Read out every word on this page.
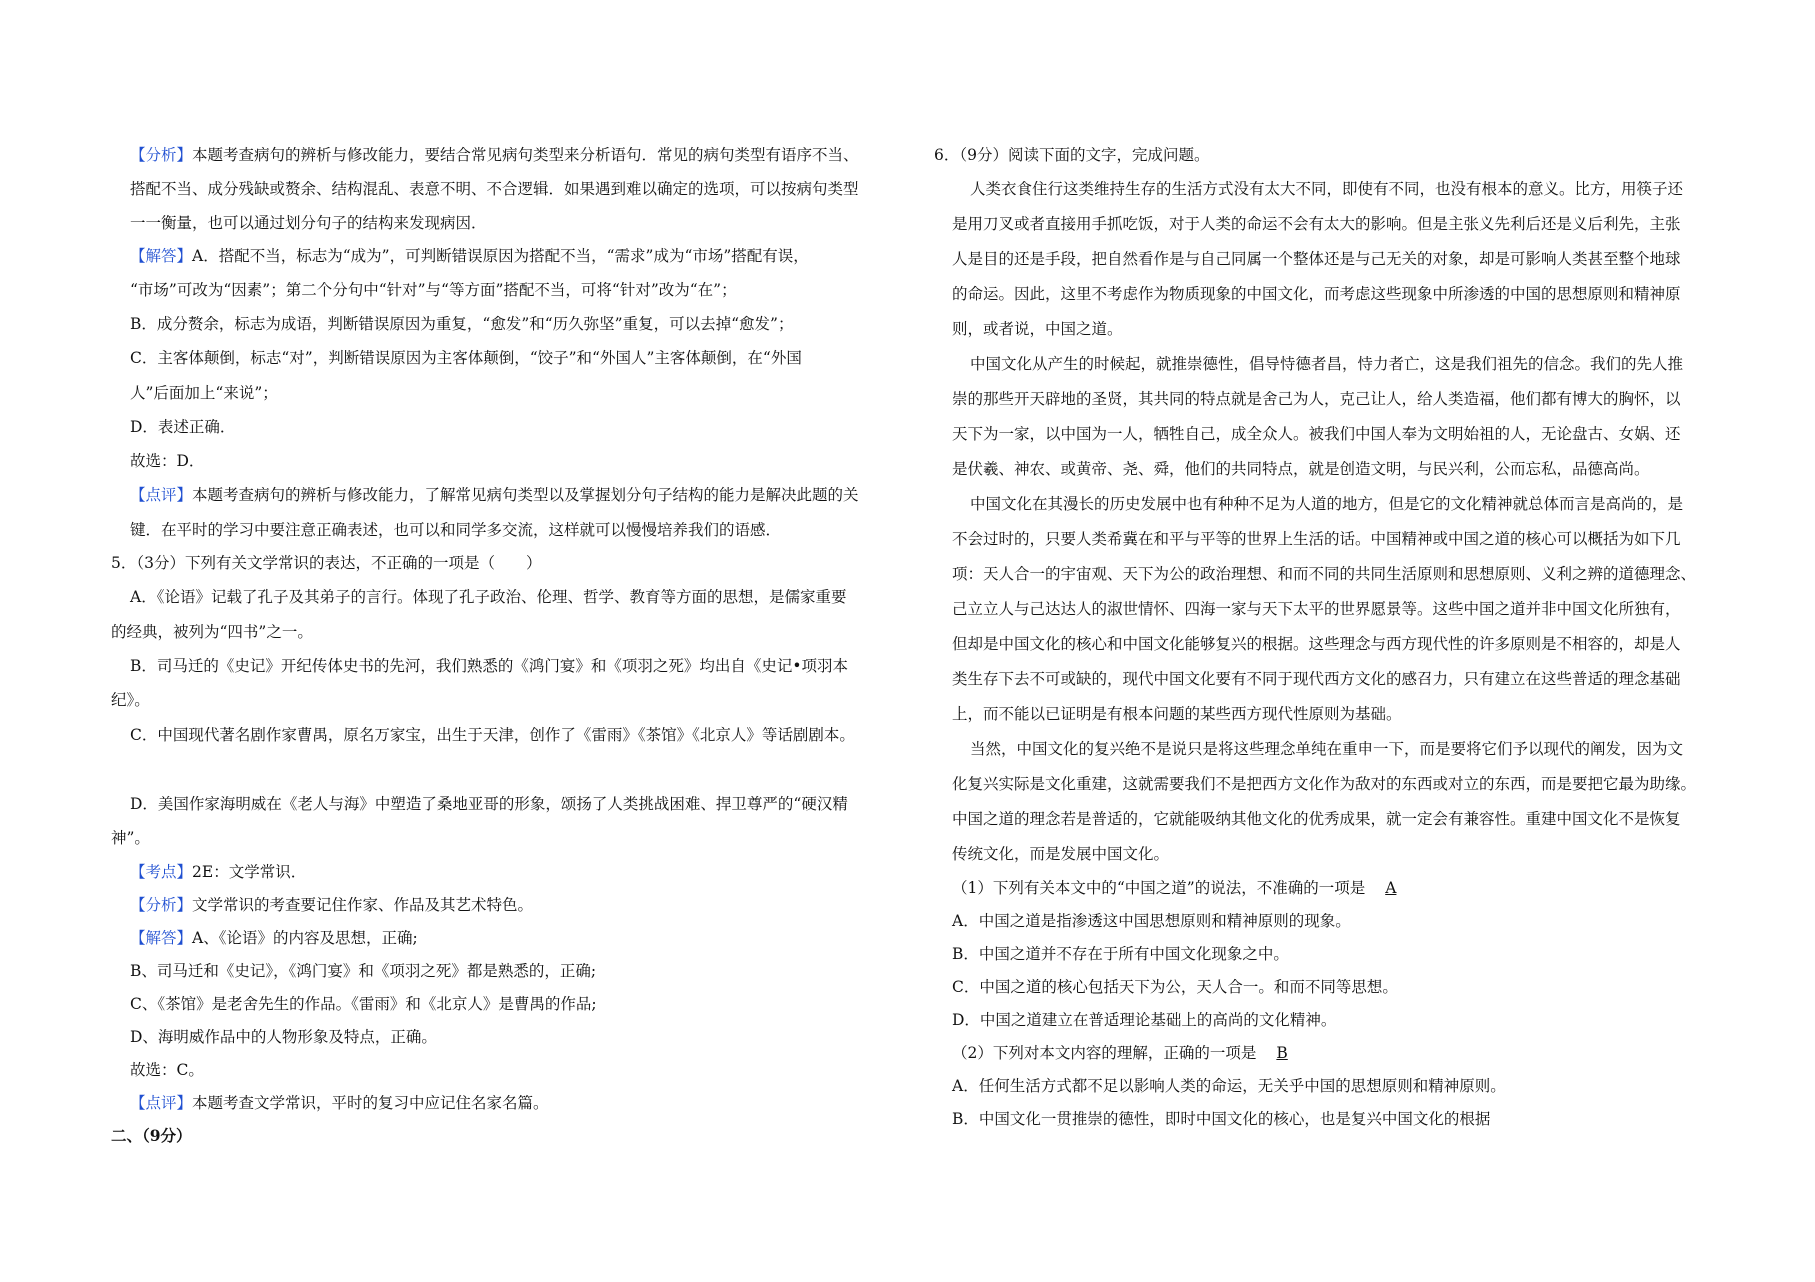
【 分析 】 本题考查病句的辨析与修改能力，要结合常见病句类型来分析语句．常见的病句类型有语序不当、

搭配不当、成分残缺或赘余、结构混乱、表意不明、不合逻辑．如果遇到难以确定的选项，可以按病句类型

一一衡量，也可以通过划分句子的结构来发现病因．

【 解答 】 A．搭配不当，标志为“成为”，可判断错误原因为搭配不当，“需求”成为“市场”搭配有误，

“市场”可改为“因素”；第二个分句中“针对”与“等方面”搭配不当，可将“针对”改为“在”；

B．成分赘余，标志为成语，判断错误原因为重复，“愈发”和“历久弥坚”重复，可以去掉“愈发”；

C．主客体颠倒，标志“对”，判断错误原因为主客体颠倒，“饺子”和“外国人”主客体颠倒，在“外国

人”后面加上“来说”；

D．表述正确．

故选：D．

【 点评 】 本题考查病句的辨析与修改能力，了解常见病句类型以及掌握划分句子结构的能力是解决此题的关

键．在平时的学习中要注意正确表述，也可以和同学多交流，这样就可以慢慢培养我们的语感．

5．（3分）下列有关文学常识的表达，不正确的一项是（　　）

A．《论语》记载了孔子及其弟子的言行。体现了孔子政治、伦理、哲学、教育等方面的思想，是儒家重要

的经典，被列为“四书”之一。

B．司马迁的《史记》开纪传体史书的先河，我们熟悉的《鸿门宴》和《项羽之死》均出自《史记•项羽本

纪》。

C．中国现代著名剧作家曹禺，原名万家宝，出生于天津，创作了《雷雨》《茶馆》《北京人》等话剧剧本。

D．美国作家海明威在《老人与海》中塑造了桑地亚哥的形象，颂扬了人类挑战困难、捍卫尊严的“硬汉精

神”。

【 考点 】 2E：文学常识．

【 分析 】 文学常识的考查要记住作家、作品及其艺术特色。

【 解答 】 A、《论语》的内容及思想，正确;

B、司马迁和《史记》，《鸿门宴》和《项羽之死》都是熟悉的，正确;

C、《茶馆》是老舍先生的作品。《雷雨》和《北京人》是曹禺的作品;

D、海明威作品中的人物形象及特点，正确。

故选：C。

【 点评 】 本题考查文学常识，平时的复习中应记住名家名篇。

二、（9分）

6．（9分）阅读下面的文字，完成问题。

人类衣食住行这类维持生存的生活方式没有太大不同，即使有不同，也没有根本的意义。比方，用筷子还

是用刀叉或者直接用手抓吃饭，对于人类的命运不会有太大的影响。但是主张义先利后还是义后利先，主张

人是目的还是手段，把自然看作是与自己同属一个整体还是与己无关的对象，却是可影响人类甚至整个地球

的命运。因此，这里不考虑作为物质现象的中国文化，而考虑这些现象中所渗透的中国的思想原则和精神原

则，或者说，中国之道。

中国文化从产生的时候起，就推崇德性，倡导恃德者昌，恃力者亡，这是我们祖先的信念。我们的先人推

崇的那些开天辟地的圣贤，其共同的特点就是舍己为人，克己让人，给人类造福，他们都有博大的胸怀，以

天下为一家，以中国为一人，牺牲自己，成全众人。被我们中国人奉为文明始祖的人，无论盘古、女娲、还

是伏羲、神农、或黄帝、尧、舜，他们的共同特点，就是创造文明，与民兴利，公而忘私，品德高尚。

中国文化在其漫长的历史发展中也有种种不足为人道的地方，但是它的文化精神就总体而言是高尚的，是

不会过时的，只要人类希冀在和平与平等的世界上生活的话。中国精神或中国之道的核心可以概括为如下几

项：天人合一的宇宙观、天下为公的政治理想、和而不同的共同生活原则和思想原则、义利之辨的道德理念、

己立立人与己达达人的淑世情怀、四海一家与天下太平的世界愿景等。这些中国之道并非中国文化所独有，

但却是中国文化的核心和中国文化能够复兴的根据。这些理念与西方现代性的许多原则是不相容的，却是人

类生存下去不可或缺的，现代中国文化要有不同于现代西方文化的感召力，只有建立在这些普适的理念基础

上，而不能以已证明是有根本问题的某些西方现代性原则为基础。

当然，中国文化的复兴绝不是说只是将这些理念单纯在重申一下，而是要将它们予以现代的阐发，因为文

化复兴实际是文化重建，这就需要我们不是把西方文化作为敌对的东西或对立的东西，而是要把它最为助缘。

中国之道的理念若是普适的，它就能吸纳其他文化的优秀成果，就一定会有兼容性。重建中国文化不是恢复

传统文化，而是发展中国文化。

（1）下列有关本文中的“中国之道”的说法，不准确的一项是 A

A．中国之道是指渗透这中国思想原则和精神原则的现象。

B．中国之道并不存在于所有中国文化现象之中。

C．中国之道的核心包括天下为公，天人合一。和而不同等思想。

D．中国之道建立在普适理论基础上的高尚的文化精神。

（2）下列对本文内容的理解，正确的一项是 B

A．任何生活方式都不足以影响人类的命运，无关乎中国的思想原则和精神原则。

B．中国文化一贯推崇的德性，即时中国文化的核心，也是复兴中国文化的根据
